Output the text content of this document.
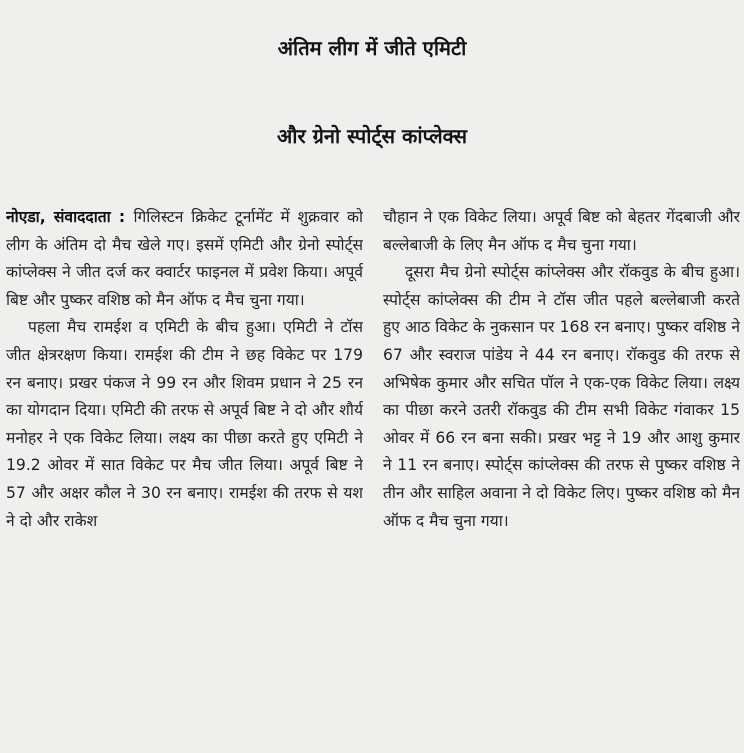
अंतिम लीग में जीते एमिटी
और ग्रेनो स्पोर्ट्स कांप्लेक्स

नोएडा, संवाददाता : गिलिस्टन क्रिकेट टूर्नामेंट में शुक्रवार को लीग के अंतिम दो मैच खेले गए। इसमें एमिटी और ग्रेनो स्पोर्ट्स कांप्लेक्स ने जीत दर्ज कर क्वार्टर फाइनल में प्रवेश किया। अपूर्व बिष्ट और पुष्कर वशिष्ठ को मैन ऑफ द मैच चुना गया।

पहला मैच रामईश व एमिटी के बीच हुआ। एमिटी ने टॉस जीत क्षेत्ररक्षण किया। रामईश की टीम ने छह विकेट पर 179 रन बनाए। प्रखर पंकज ने 99 रन और शिवम प्रधान ने 25 रन का योगदान दिया। एमिटी की तरफ से अपूर्व बिष्ट ने दो और शौर्य मनोहर ने एक विकेट लिया। लक्ष्य का पीछा करते हुए एमिटी ने 19.2 ओवर में सात विकेट पर मैच जीत लिया। अपूर्व बिष्ट ने 57 और अक्षर कौल ने 30 रन बनाए। रामईश की तरफ से यश ने दो और राकेश

चौहान ने एक विकेट लिया। अपूर्व बिष्ट को बेहतर गेंदबाजी और बल्लेबाजी के लिए मैन ऑफ द मैच चुना गया।

दूसरा मैच ग्रेनो स्पोर्ट्स कांप्लेक्स और रॉकवुड के बीच हुआ। स्पोर्ट्स कांप्लेक्स की टीम ने टॉस जीत पहले बल्लेबाजी करते हुए आठ विकेट के नुकसान पर 168 रन बनाए। पुष्कर वशिष्ठ ने 67 और स्वराज पांडेय ने 44 रन बनाए। रॉकवुड की तरफ से अभिषेक कुमार और सचित पॉल ने एक-एक विकेट लिया। लक्ष्य का पीछा करने उतरी रॉकवुड की टीम सभी विकेट गंवाकर 15 ओवर में 66 रन बना सकी। प्रखर भट्ट ने 19 और आशु कुमार ने 11 रन बनाए। स्पोर्ट्स कांप्लेक्स की तरफ से पुष्कर वशिष्ठ ने तीन और साहिल अवाना ने दो विकेट लिए। पुष्कर वशिष्ठ को मैन ऑफ द मैच चुना गया।
